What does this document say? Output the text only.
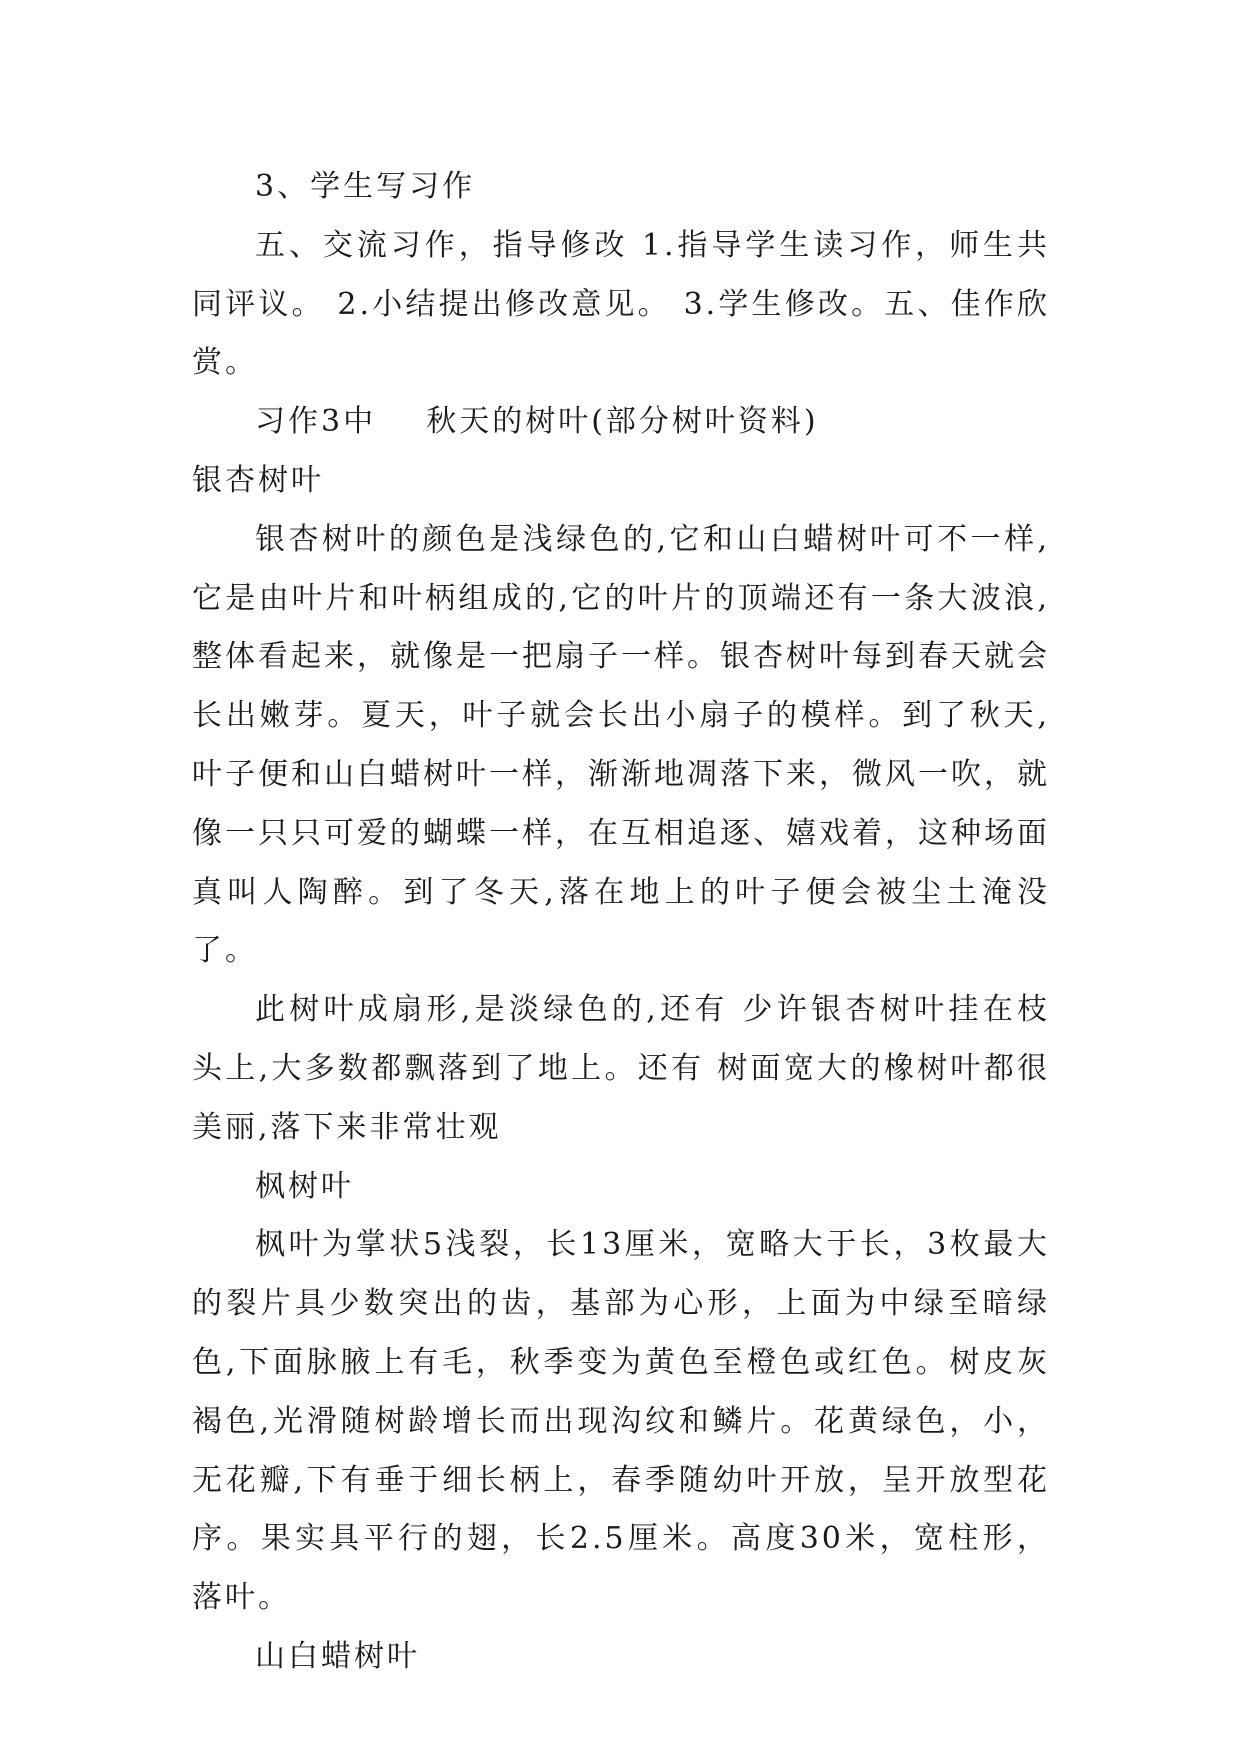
3、学生写习作

五、交流习作，指导修改 1.指导学生读习作，师生共同评议。 2.小结提出修改意见。 3.学生修改。五、佳作欣赏。

习作3中    秋天的树叶(部分树叶资料)

银杏树叶

银杏树叶的颜色是浅绿色的,它和山白蜡树叶可不一样,它是由叶片和叶柄组成的,它的叶片的顶端还有一条大波浪,整体看起来，就像是一把扇子一样。银杏树叶每到春天就会长出嫩芽。夏天，叶子就会长出小扇子的模样。到了秋天,叶子便和山白蜡树叶一样，渐渐地凋落下来，微风一吹，就像一只只可爱的蝴蝶一样，在互相追逐、嬉戏着，这种场面真叫人陶醉。到了冬天,落在地上的叶子便会被尘土淹没了。

此树叶成扇形,是淡绿色的,还有 少许银杏树叶挂在枝头上,大多数都飘落到了地上。还有 树面宽大的橡树叶都很美丽,落下来非常壮观

枫树叶

枫叶为掌状5浅裂，长13厘米，宽略大于长，3枚最大的裂片具少数突出的齿，基部为心形，上面为中绿至暗绿色,下面脉腋上有毛，秋季变为黄色至橙色或红色。树皮灰褐色,光滑随树龄增长而出现沟纹和鳞片。花黄绿色，小，无花瓣,下有垂于细长柄上，春季随幼叶开放，呈开放型花序。果实具平行的翅，长2.5厘米。高度30米，宽柱形，落叶。

山白蜡树叶
